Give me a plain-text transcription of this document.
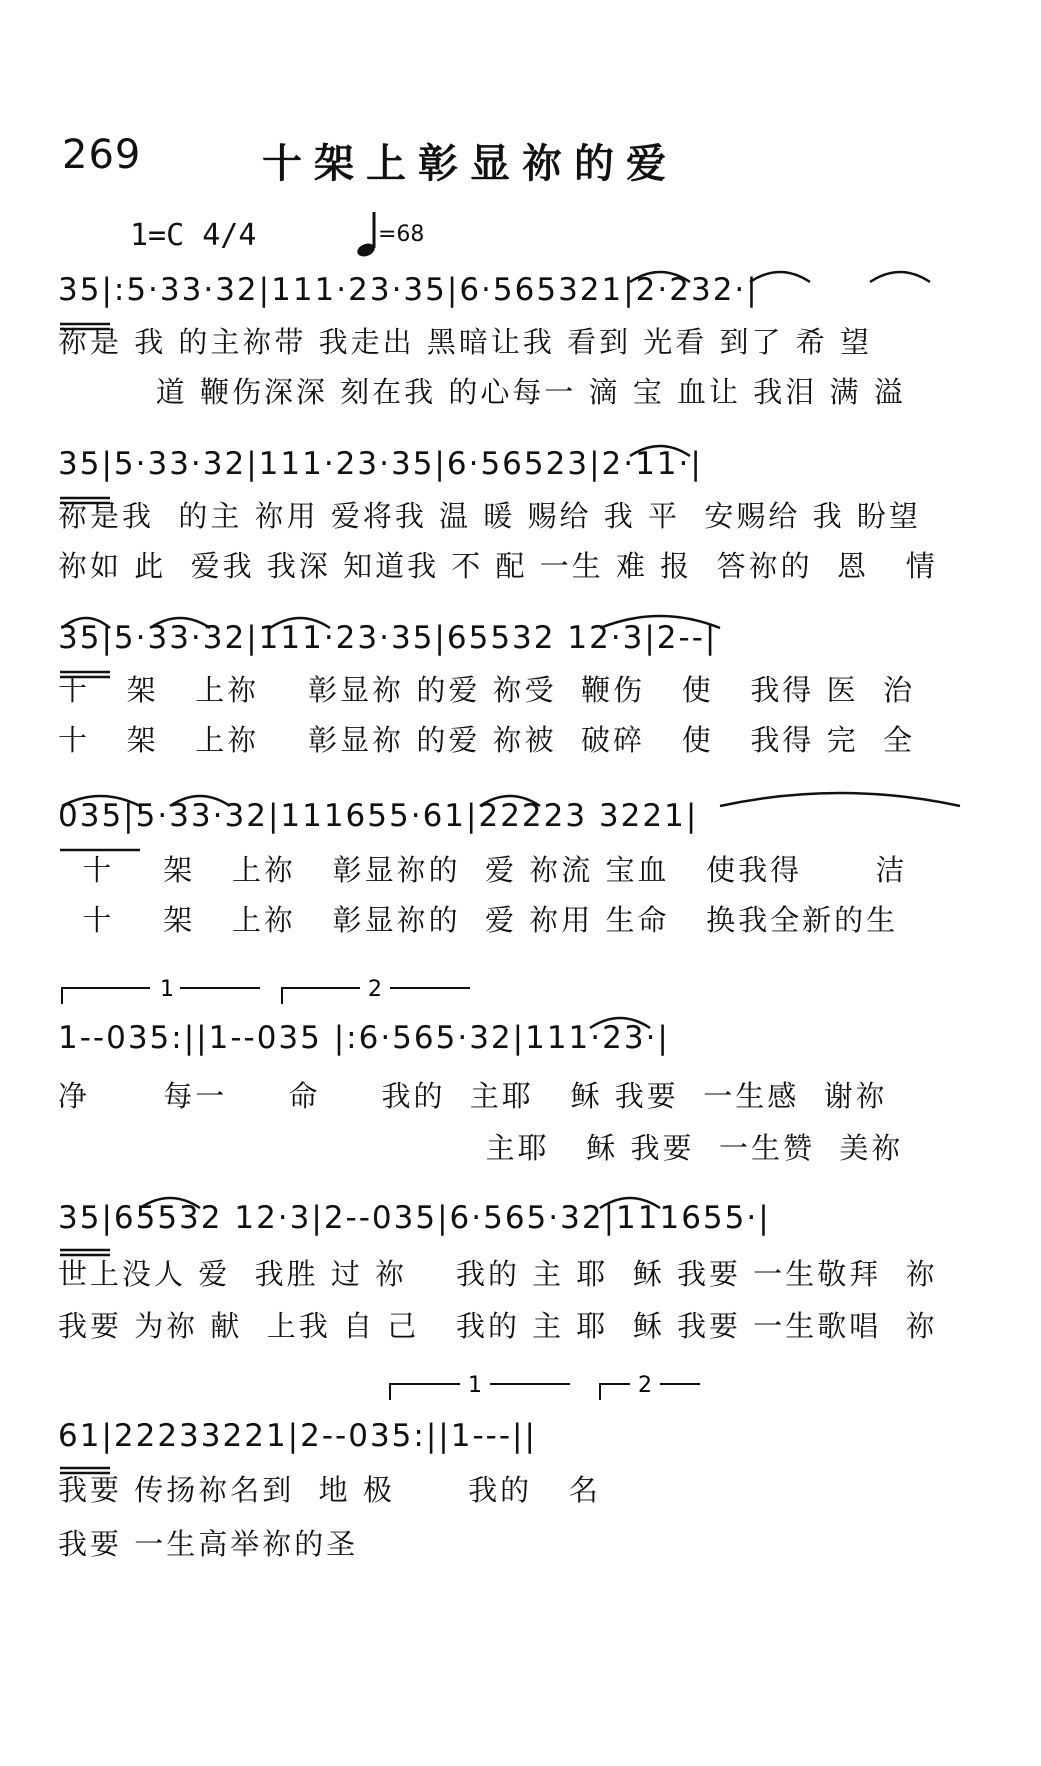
269	十架上彰显祢的爱
1=C 4/4	=68
35|:5·33·32|111·23·35|6·565321|2·232·|
祢是 我 的主祢带 我走出 黑暗让我 看到 光看 到了 希 望
道 鞭伤深深 刻在我 的心每一 滴 宝 血让 我泪 满 溢
35|5·33·32|111·23·35|6·56523|2·11·|
祢是我  的主 祢用 爱将我 温 暖 赐给 我 平  安赐给 我 盼望
祢如 此  爱我 我深 知道我 不 配 一生 难 报  答祢的  恩   情
35|5·33·32|111·23·35|65532 12·3|2--|
十   架   上祢    彰显祢 的爱 祢受  鞭伤   使   我得 医  治
十   架   上祢    彰显祢 的爱 祢被  破碎   使   我得 完  全
035|5·33·32|111655·61|22223 3221|
十    架   上祢   彰显祢的  爱 祢流 宝血   使我得      洁
十    架   上祢   彰显祢的  爱 祢用 生命   换我全新的生
1--035:||1--035 |:6·565·32|111·23·|
净      每一     命     我的  主耶   稣 我要  一生感  谢祢
主耶   稣 我要  一生赞  美祢
35|65532 12·3|2--035|6·565·32|111655·|
世上没人 爱  我胜 过 祢    我的 主 耶  稣 我要 一生敬拜  祢
我要 为祢 献  上我 自 己   我的 主 耶  稣 我要 一生歌唱  祢
61|22233221|2--035:||1---||
我要 传扬祢名到  地 极      我的   名
我要 一生高举祢的圣
1	2
1	2
